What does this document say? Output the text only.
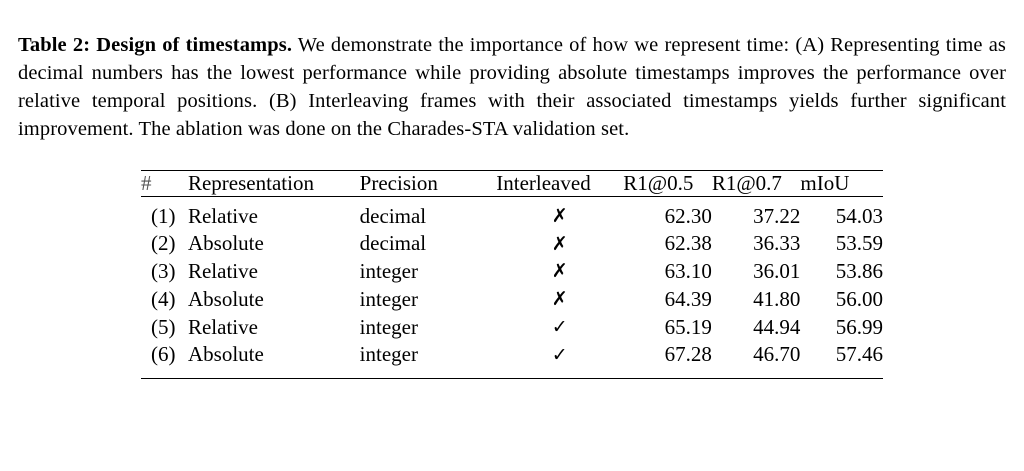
Table 2: Design of timestamps. We demonstrate the importance of how we represent time: (A) Representing time as decimal numbers has the lowest performance while providing absolute timestamps improves the performance over relative temporal positions. (B) Interleaving frames with their associated timestamps yields further significant improvement. The ablation was done on the Charades-STA validation set.

#	Representation	Precision	Interleaved	R1@0.5	R1@0.7	mIoU

(1)	Relative	decimal	✗	62.30	37.22	54.03
(2)	Absolute	decimal	✗	62.38	36.33	53.59
(3)	Relative	integer	✗	63.10	36.01	53.86
(4)	Absolute	integer	✗	64.39	41.80	56.00
(5)	Relative	integer	✓	65.19	44.94	56.99
(6)	Absolute	integer	✓	67.28	46.70	57.46
